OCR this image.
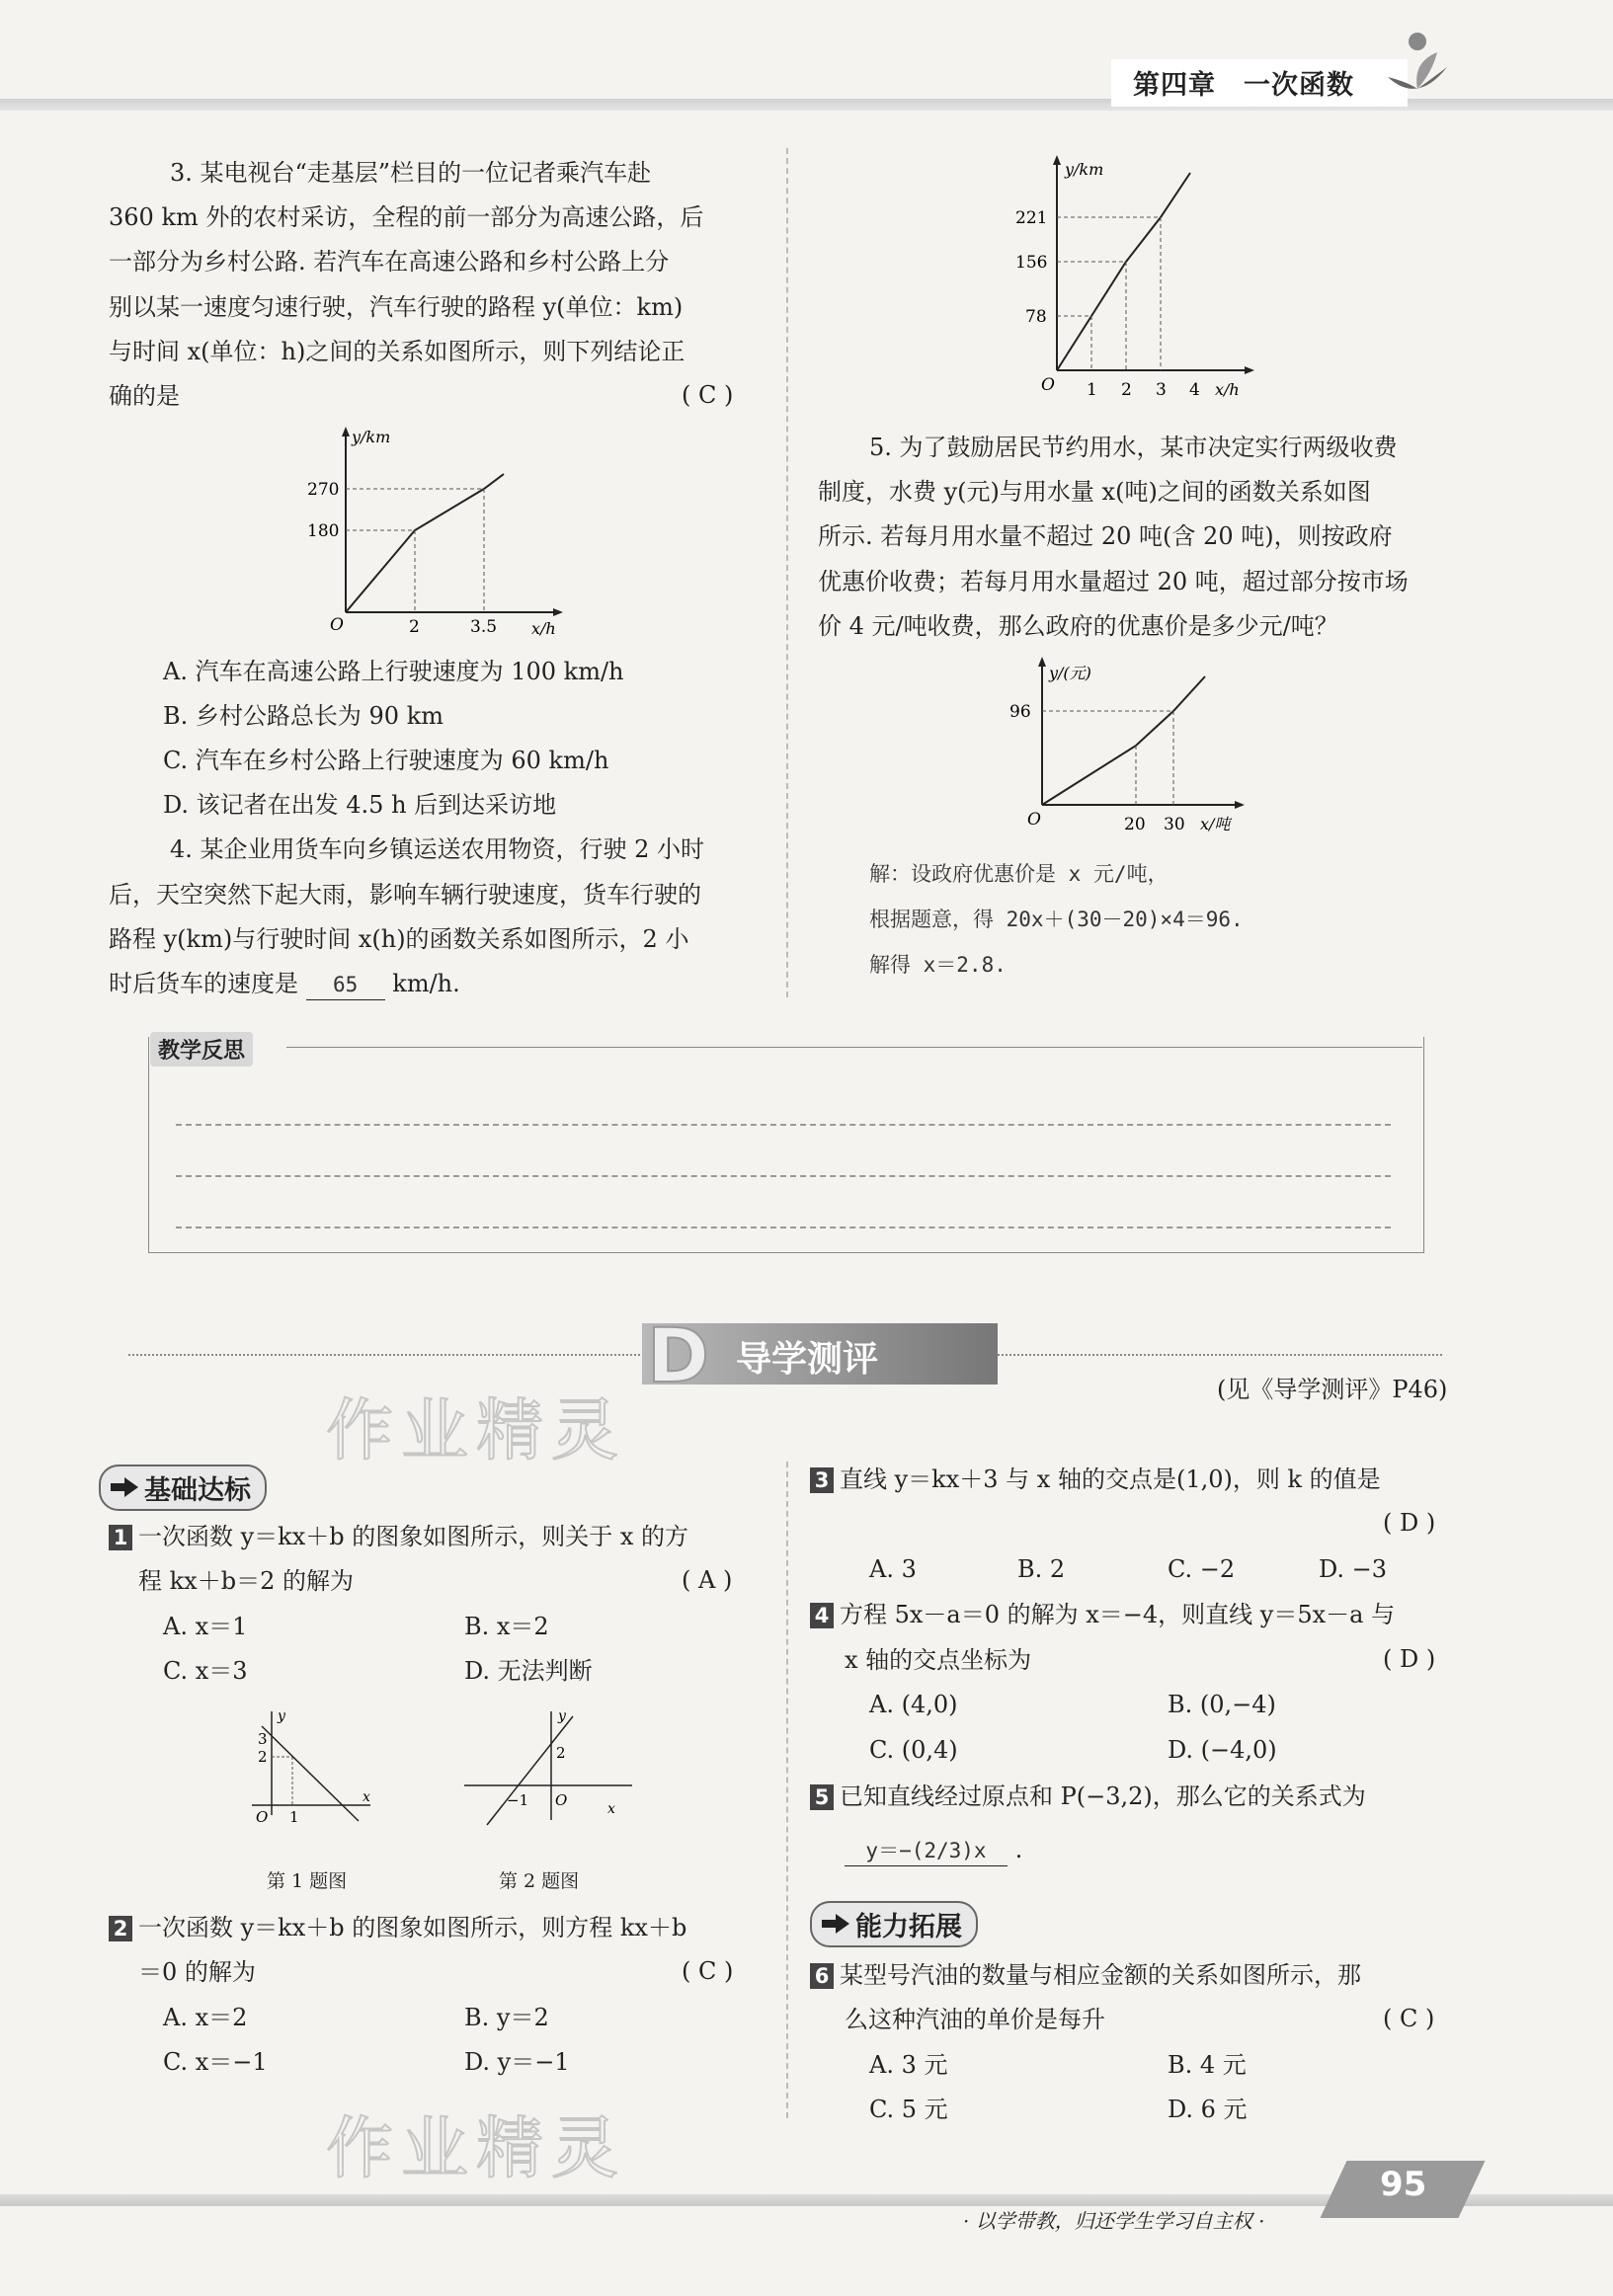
第四章　一次函数
3. 某电视台“走基层”栏目的一位记者乘汽车赴
360 km 外的农村采访，全程的前一部分为高速公路，后
一部分为乡村公路. 若汽车在高速公路和乡村公路上分
别以某一速度匀速行驶，汽车行驶的路程 y(单位：km)
与时间 x(单位：h)之间的关系如图所示，则下列结论正
确的是	( C )
y/km
x/h
O
270
180
2	3.5
A. 汽车在高速公路上行驶速度为 100 km/h
B. 乡村公路总长为 90 km
C. 汽车在乡村公路上行驶速度为 60 km/h
D. 该记者在出发 4.5 h 后到达采访地
4. 某企业用货车向乡镇运送农用物资，行驶 2 小时
后，天空突然下起大雨，影响车辆行驶速度，货车行驶的
路程 y(km)与行驶时间 x(h)的函数关系如图所示，2 小
时后货车的速度是 65 km/h.
y/km
x/h
O
221
156
78
1 2 3 4
5. 为了鼓励居民节约用水，某市决定实行两级收费
制度，水费 y(元)与用水量 x(吨)之间的函数关系如图
所示. 若每月用水量不超过 20 吨(含 20 吨)，则按政府
优惠价收费；若每月用水量超过 20 吨，超过部分按市场
价 4 元/吨收费，那么政府的优惠价是多少元/吨？
y/(元)
x/吨
O
96
20 30
解：设政府优惠价是 x 元/吨，
根据题意，得 20x＋(30－20)×4＝96.
解得 x＝2.8.
教学反思
D 导学测评
(见《导学测评》P46)
基础达标
1 一次函数 y＝kx＋b 的图象如图所示，则关于 x 的方
程 kx＋b＝2 的解为	( A )
A. x＝1	B. x＝2
C. x＝3	D. 无法判断
y
x
O
3
2
1
第 1 题图
y
x
O
2
−1
第 2 题图
2 一次函数 y＝kx＋b 的图象如图所示，则方程 kx＋b
＝0 的解为	( C )
A. x＝2	B. y＝2
C. x＝−1	D. y＝−1
3 直线 y＝kx＋3 与 x 轴的交点是(1,0)，则 k 的值是
( D )
A. 3	B. 2	C. −2	D. −3
4 方程 5x－a＝0 的解为 x＝−4，则直线 y＝5x－a 与
x 轴的交点坐标为	( D )
A. (4,0)	B. (0,−4)
C. (0,4)	D. (−4,0)
5 已知直线经过原点和 P(−3,2)，那么它的关系式为
y＝−(2/3)x .
能力拓展
6 某型号汽油的数量与相应金额的关系如图所示，那
么这种汽油的单价是每升	( C )
A. 3 元	B. 4 元
C. 5 元	D. 6 元
作业精灵
作业精灵
· 以学带教，归还学生学习自主权 ·
95
